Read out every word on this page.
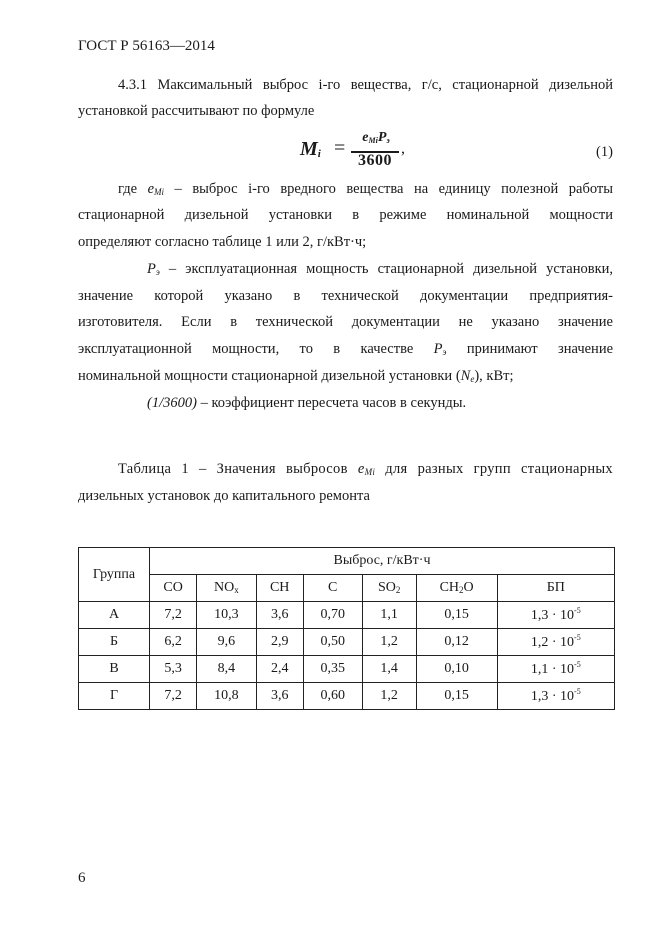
ГОСТ Р 56163—2014
4.3.1 Максимальный выброс i-го вещества, г/с, стационарной дизельной
установкой рассчитывают по формуле
$M_i$ =	$e_{Mi}P_э$
3600
,	(1)
где $e_{Mi}$ – выброс i-го вредного вещества на единицу полезной работы
стационарной дизельной установки в режиме номинальной мощности
определяют согласно таблице 1 или 2, г/кВт·ч;
$P_э$ – эксплуатационная мощность стационарной дизельной установки,
значение которой указано в технической документации предприятия-
изготовителя. Если в технической документации не указано значение
эксплуатационной мощности, то в качестве $P_э$ принимают значение
номинальной мощности стационарной дизельной установки $(N_e)$, кВт;
(1/3600) – коэффициент пересчета часов в секунды.
Таблица 1 – Значения выбросов $e_{Mi}$ для разных групп стационарных
дизельных установок до капитального ремонта
Группа	Выброс, г/кВт·ч						
	CO	$NO_x$	CH	C	$SO_2$	$CH_2O$	БП
А	7,2	10,3	3,6	0,70	1,1	0,15	$1,3 \cdot 10^{-5}$
Б	6,2	9,6	2,9	0,50	1,2	0,12	$1,2 \cdot 10^{-5}$
В	5,3	8,4	2,4	0,35	1,4	0,10	$1,1 \cdot 10^{-5}$
Г	7,2	10,8	3,6	0,60	1,2	0,15	$1,3 \cdot 10^{-5}$
6
